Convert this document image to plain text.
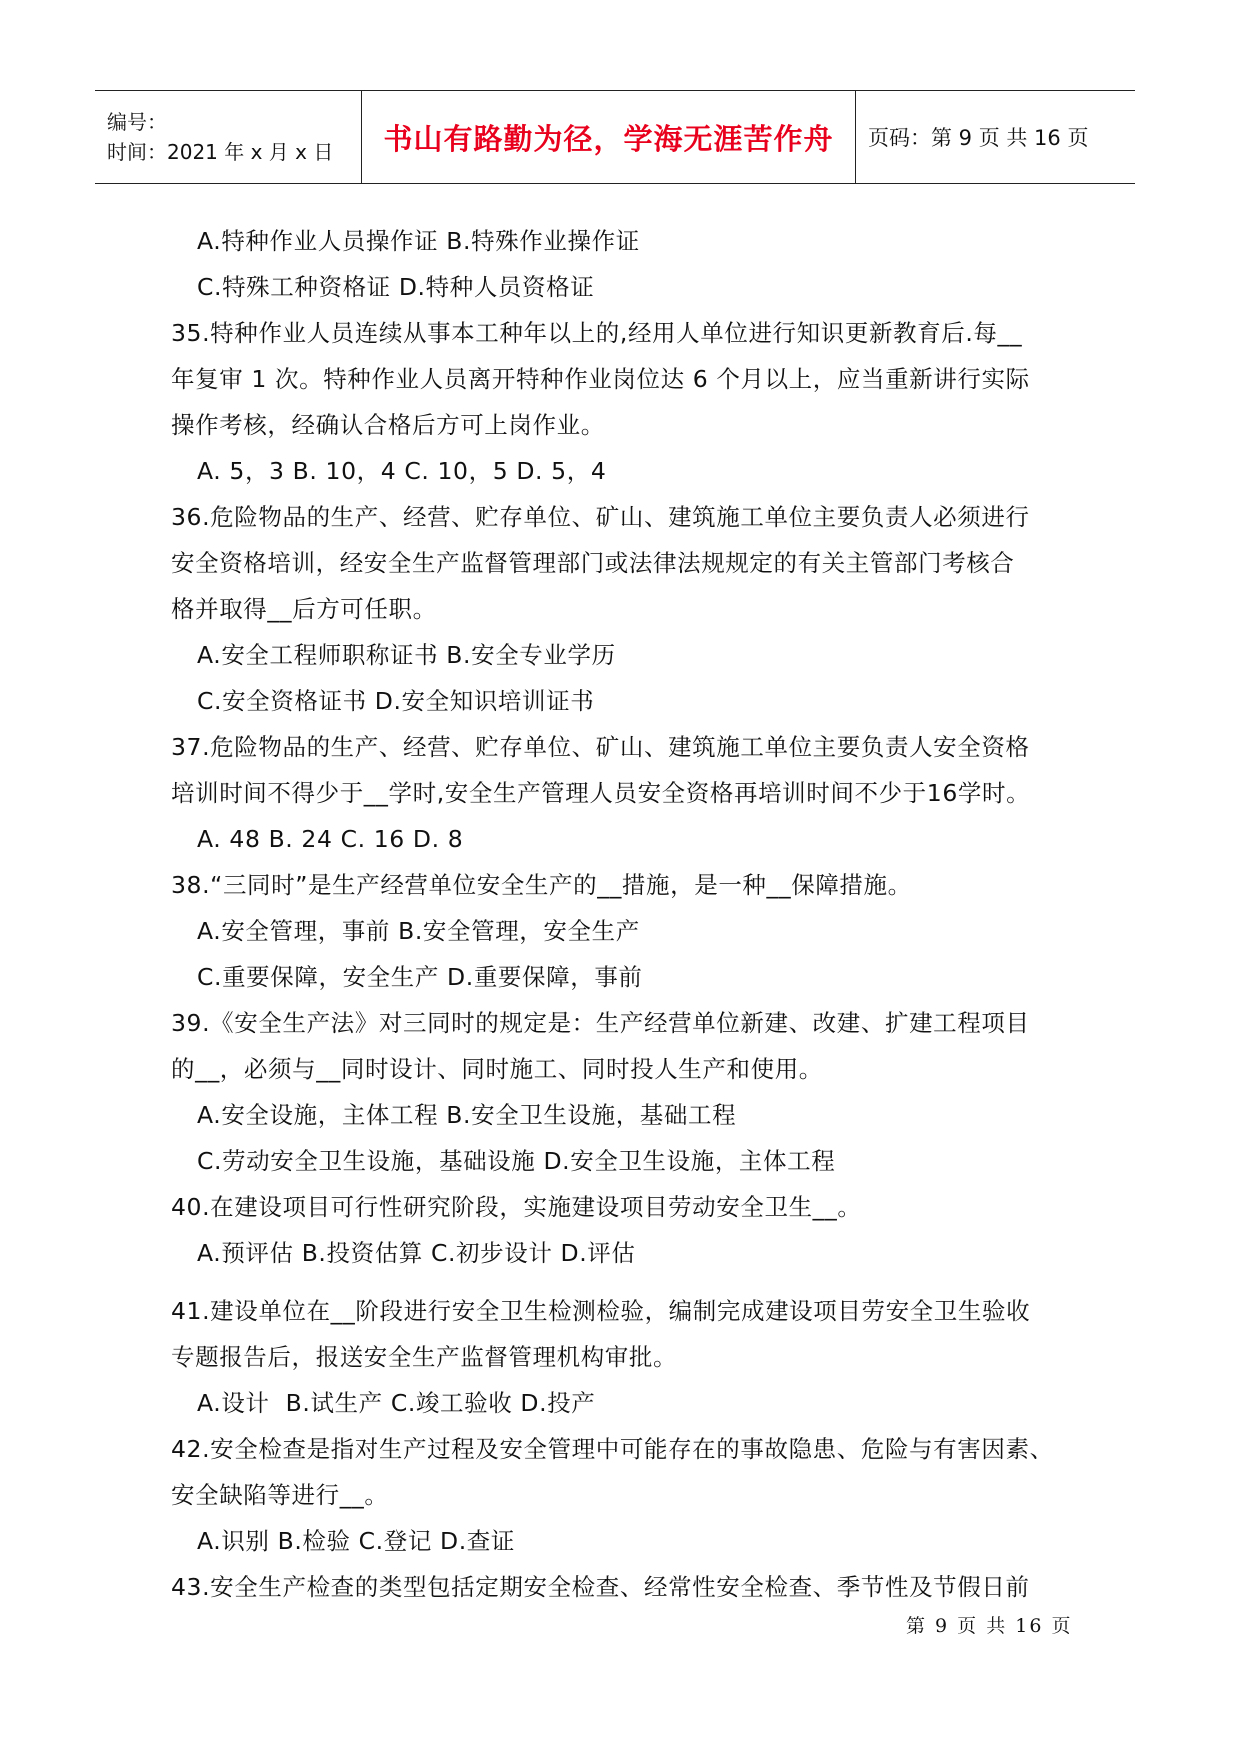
编号：
时间：2021 年 x 月 x 日	书山有路勤为径，学海无涯苦作舟 页码：第 9 页 共 16 页
A.特种作业人员操作证 B.特殊作业操作证
C.特殊工种资格证 D.特种人员资格证
35.特种作业人员连续从事本工种年以上的,经用人单位进行知识更新教育后.每__
年复审 1 次。特种作业人员离开特种作业岗位达 6 个月以上，应当重新讲行实际
操作考核，经确认合格后方可上岗作业。
A. 5，3 B. 10，4 C. 10，5 D. 5，4
36.危险物品的生产、经营、贮存单位、矿山、建筑施工单位主要负责人必须进行
安全资格培训，经安全生产监督管理部门或法律法规规定的有关主管部门考核合
格并取得__后方可任职。
A.安全工程师职称证书 B.安全专业学历
C.安全资格证书 D.安全知识培训证书
37.危险物品的生产、经营、贮存单位、矿山、建筑施工单位主要负责人安全资格
培训时间不得少于__学时,安全生产管理人员安全资格再培训时间不少于16学时。
A. 48 B. 24 C. 16 D. 8
38.“三同时”是生产经营单位安全生产的__措施，是一种__保障措施。
A.安全管理，事前 B.安全管理，安全生产
C.重要保障，安全生产 D.重要保障，事前
39.《安全生产法》对三同时的规定是：生产经营单位新建、改建、扩建工程项目
的__，必须与__同时设计、同时施工、同时投人生产和使用。
A.安全设施，主体工程 B.安全卫生设施，基础工程
C.劳动安全卫生设施，基础设施 D.安全卫生设施，主体工程
40.在建设项目可行性研究阶段，实施建设项目劳动安全卫生__。
A.预评估 B.投资估算 C.初步设计 D.评估
41.建设单位在__阶段进行安全卫生检测检验，编制完成建设项目劳安全卫生验收
专题报告后，报送安全生产监督管理机构审批。
A.设计  B.试生产 C.竣工验收 D.投产
42.安全检查是指对生产过程及安全管理中可能存在的事故隐患、危险与有害因素、
安全缺陷等进行__。
A.识别 B.检验 C.登记 D.查证
43.安全生产检查的类型包括定期安全检查、经常性安全检查、季节性及节假日前
第 9 页 共 16 页
